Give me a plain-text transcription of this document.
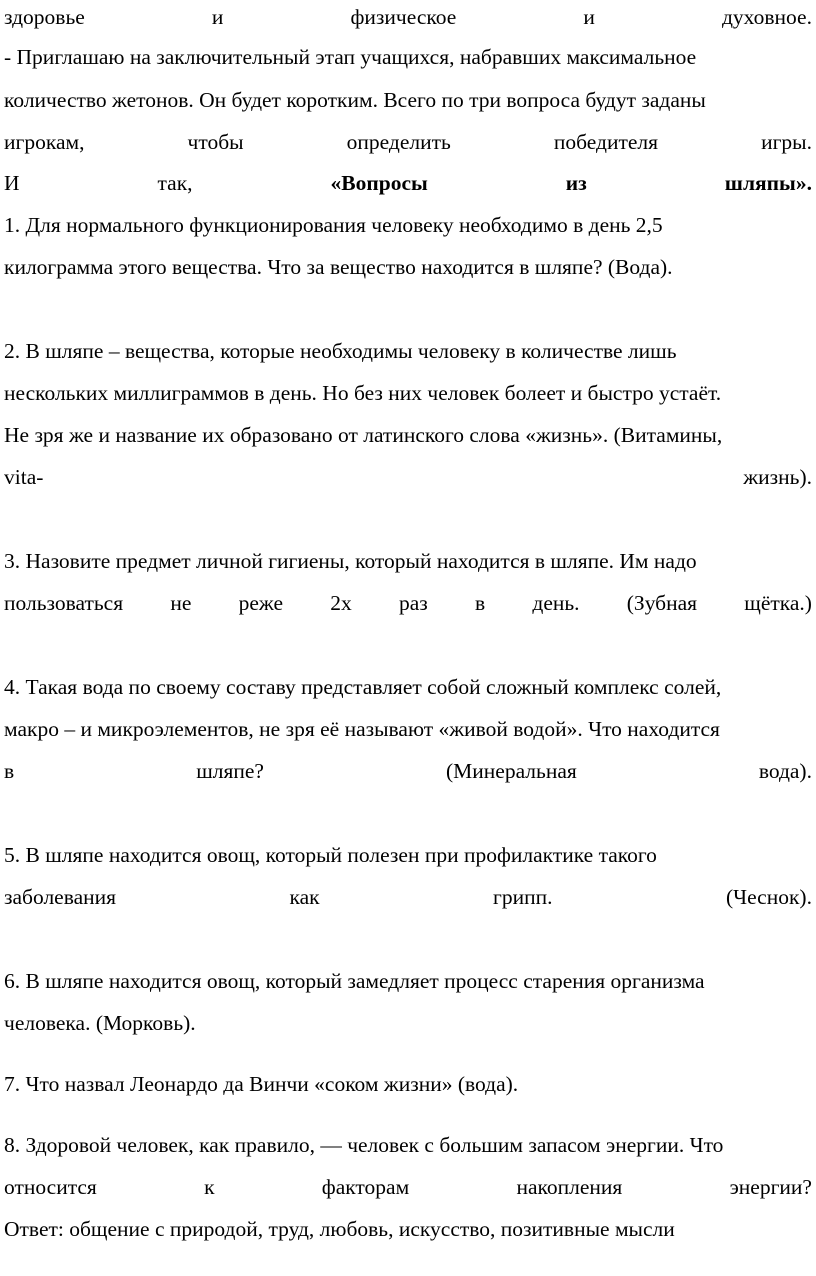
здоровье	и	физическое	и	духовное.
- Приглашаю на заключительный этап учащихся, набравших максимальное
количество жетонов. Он будет коротким. Всего по три вопроса будут заданы
игрокам,	чтобы	определить	победителя	игры.
И	так,	«Вопросы	из	шляпы».
1. Для нормального функционирования человеку необходимо в день 2,5
килограмма этого вещества. Что за вещество находится в шляпе? (Вода).
2. В шляпе – вещества, которые необходимы человеку в количестве лишь
нескольких миллиграммов в день. Но без них человек болеет и быстро устаёт.
Не зря же и название их образовано от латинского слова «жизнь». (Витамины,
vita-	жизнь).
3. Назовите предмет личной гигиены, который находится в шляпе. Им надо
пользоваться не реже 2х раз в день. (Зубная щётка.)
4. Такая вода по своему составу представляет собой сложный комплекс солей,
макро – и микроэлементов, не зря её называют «живой водой». Что находится
в	шляпе?	(Минеральная	вода).
5. В шляпе находится овощ, который полезен при профилактике такого
заболевания	как	грипп.	(Чеснок).
6. В шляпе находится овощ, который замедляет процесс старения организма
человека. (Морковь).
7. Что назвал Леонардо да Винчи «соком жизни» (вода).
8. Здоровой человек, как правило, — человек с большим запасом энергии. Что
относится	к	факторам	накопления	энергии?
Ответ: общение с природой, труд, любовь, искусство, позитивные мысли
